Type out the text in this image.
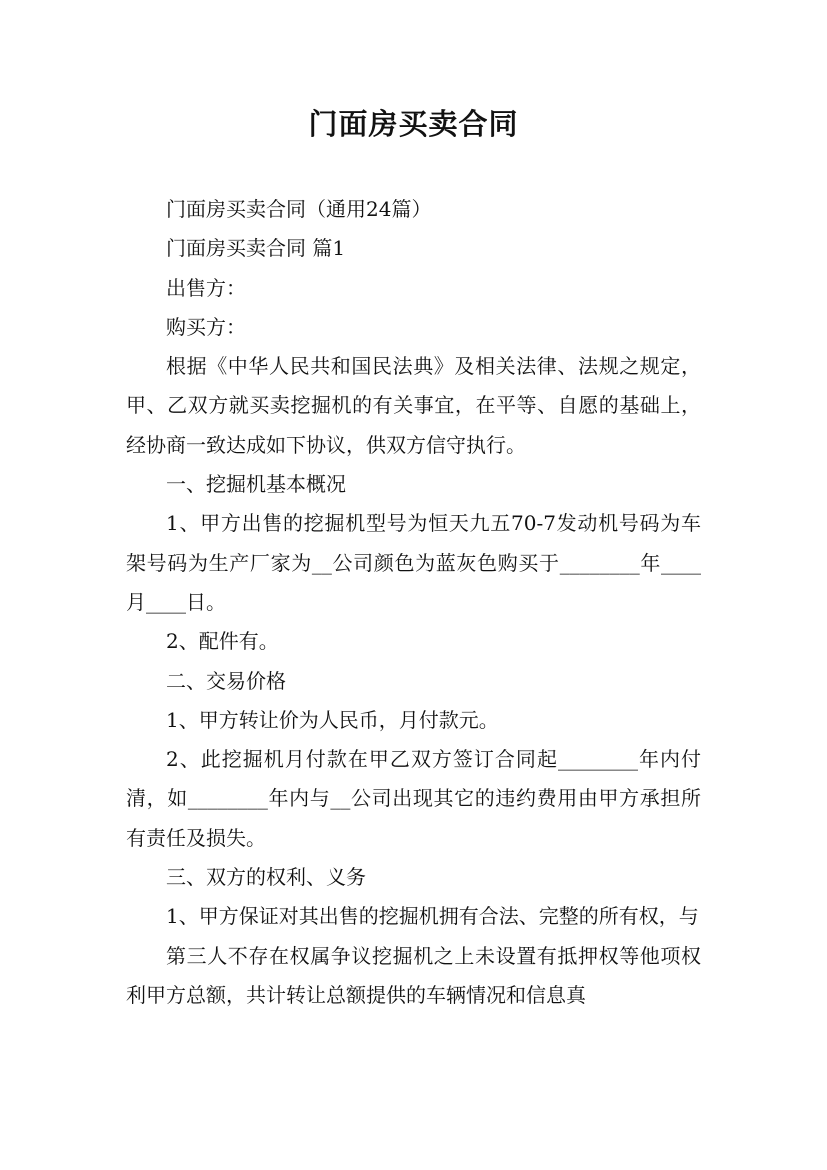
门面房买卖合同

门面房买卖合同（通用24篇）

门面房买卖合同 篇1

出售方：

购买方：

根据《中华人民共和国民法典》及相关法律、法规之规定，甲、乙双方就买卖挖掘机的有关事宜，在平等、自愿的基础上，经协商一致达成如下协议，供双方信守执行。

一、挖掘机基本概况

1、甲方出售的挖掘机型号为恒天九五70-7发动机号码为车架号码为生产厂家为__公司颜色为蓝灰色购买于________年____月____日。

2、配件有。

二、交易价格

1、甲方转让价为人民币，月付款元。

2、此挖掘机月付款在甲乙双方签订合同起________年内付清，如________年内与__公司出现其它的违约费用由甲方承担所有责任及损失。

三、双方的权利、义务

1、甲方保证对其出售的挖掘机拥有合法、完整的所有权，与

第三人不存在权属争议挖掘机之上未设置有抵押权等他项权利甲方总额，共计转让总额提供的车辆情况和信息真
